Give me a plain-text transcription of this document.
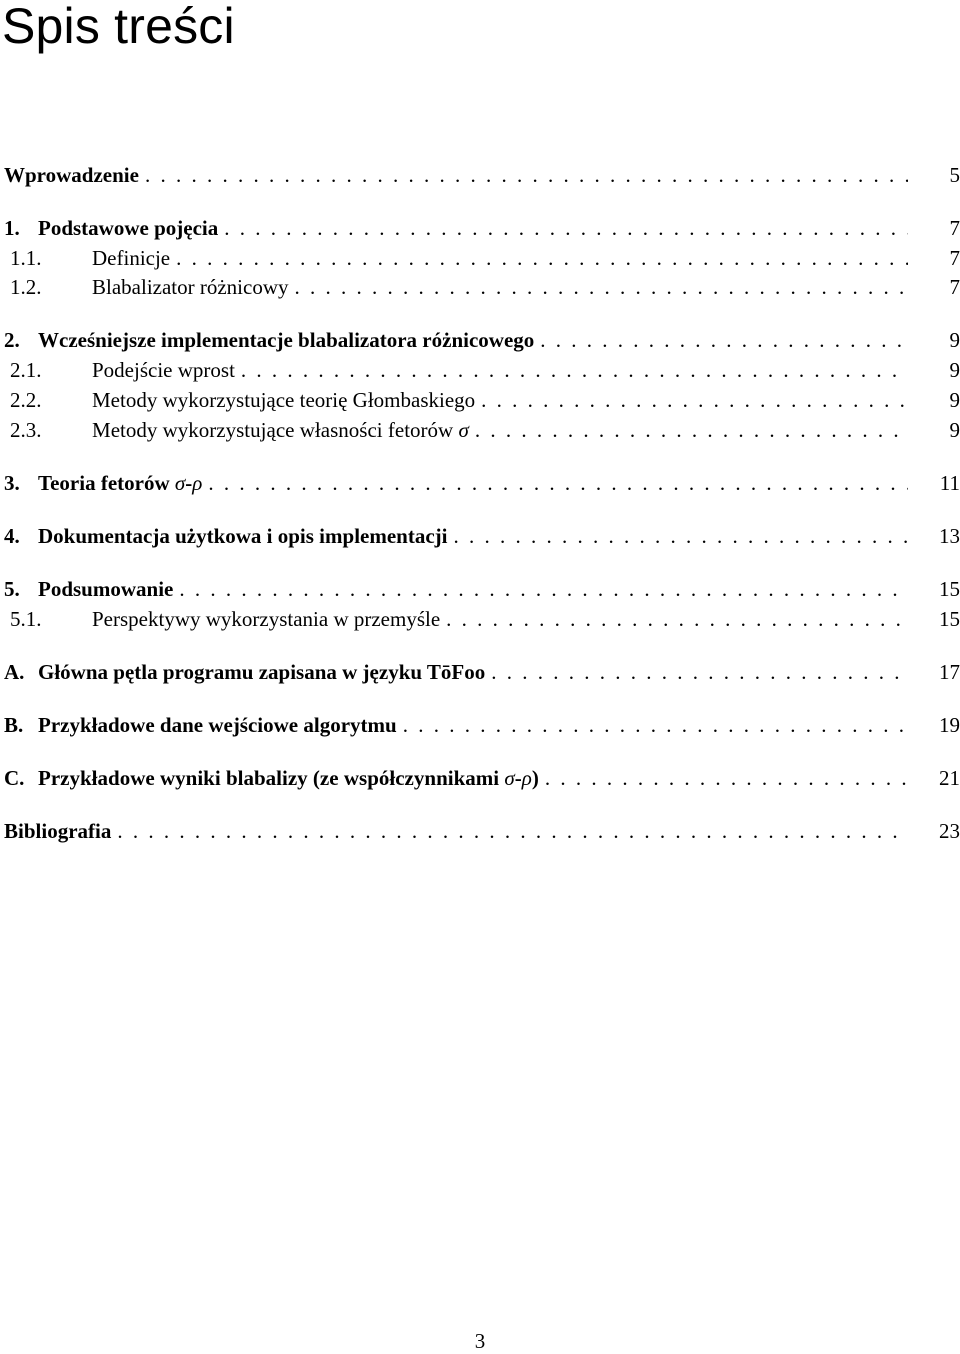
Spis treści
Wprowadzenie . . .	5
1. Podstawowe pojęcia . . .	7
1.1.	Definicje . . .	7
1.2.	Blabalizator różnicowy . . .	7
2. Wcześniejsze implementacje blabalizatora różnicowego . . .	9
2.1.	Podejście wprost . . .	9
2.2.	Metody wykorzystujące teorię Głombaskiego . . .	9
2.3.	Metody wykorzystujące własności fetorów σ . . .	9
3. Teoria fetorów σ-ρ . . .	11
4. Dokumentacja użytkowa i opis implementacji . . .	13
5. Podsumowanie . . .	15
5.1.	Perspektywy wykorzystania w przemyśle . . .	15
A. Główna pętla programu zapisana w języku TōFoo . . .	17
B. Przykładowe dane wejściowe algorytmu . . .	19
C. Przykładowe wyniki blabalizy (ze współczynnikami σ-ρ) . . .	21
Bibliografia . . .	23
3
